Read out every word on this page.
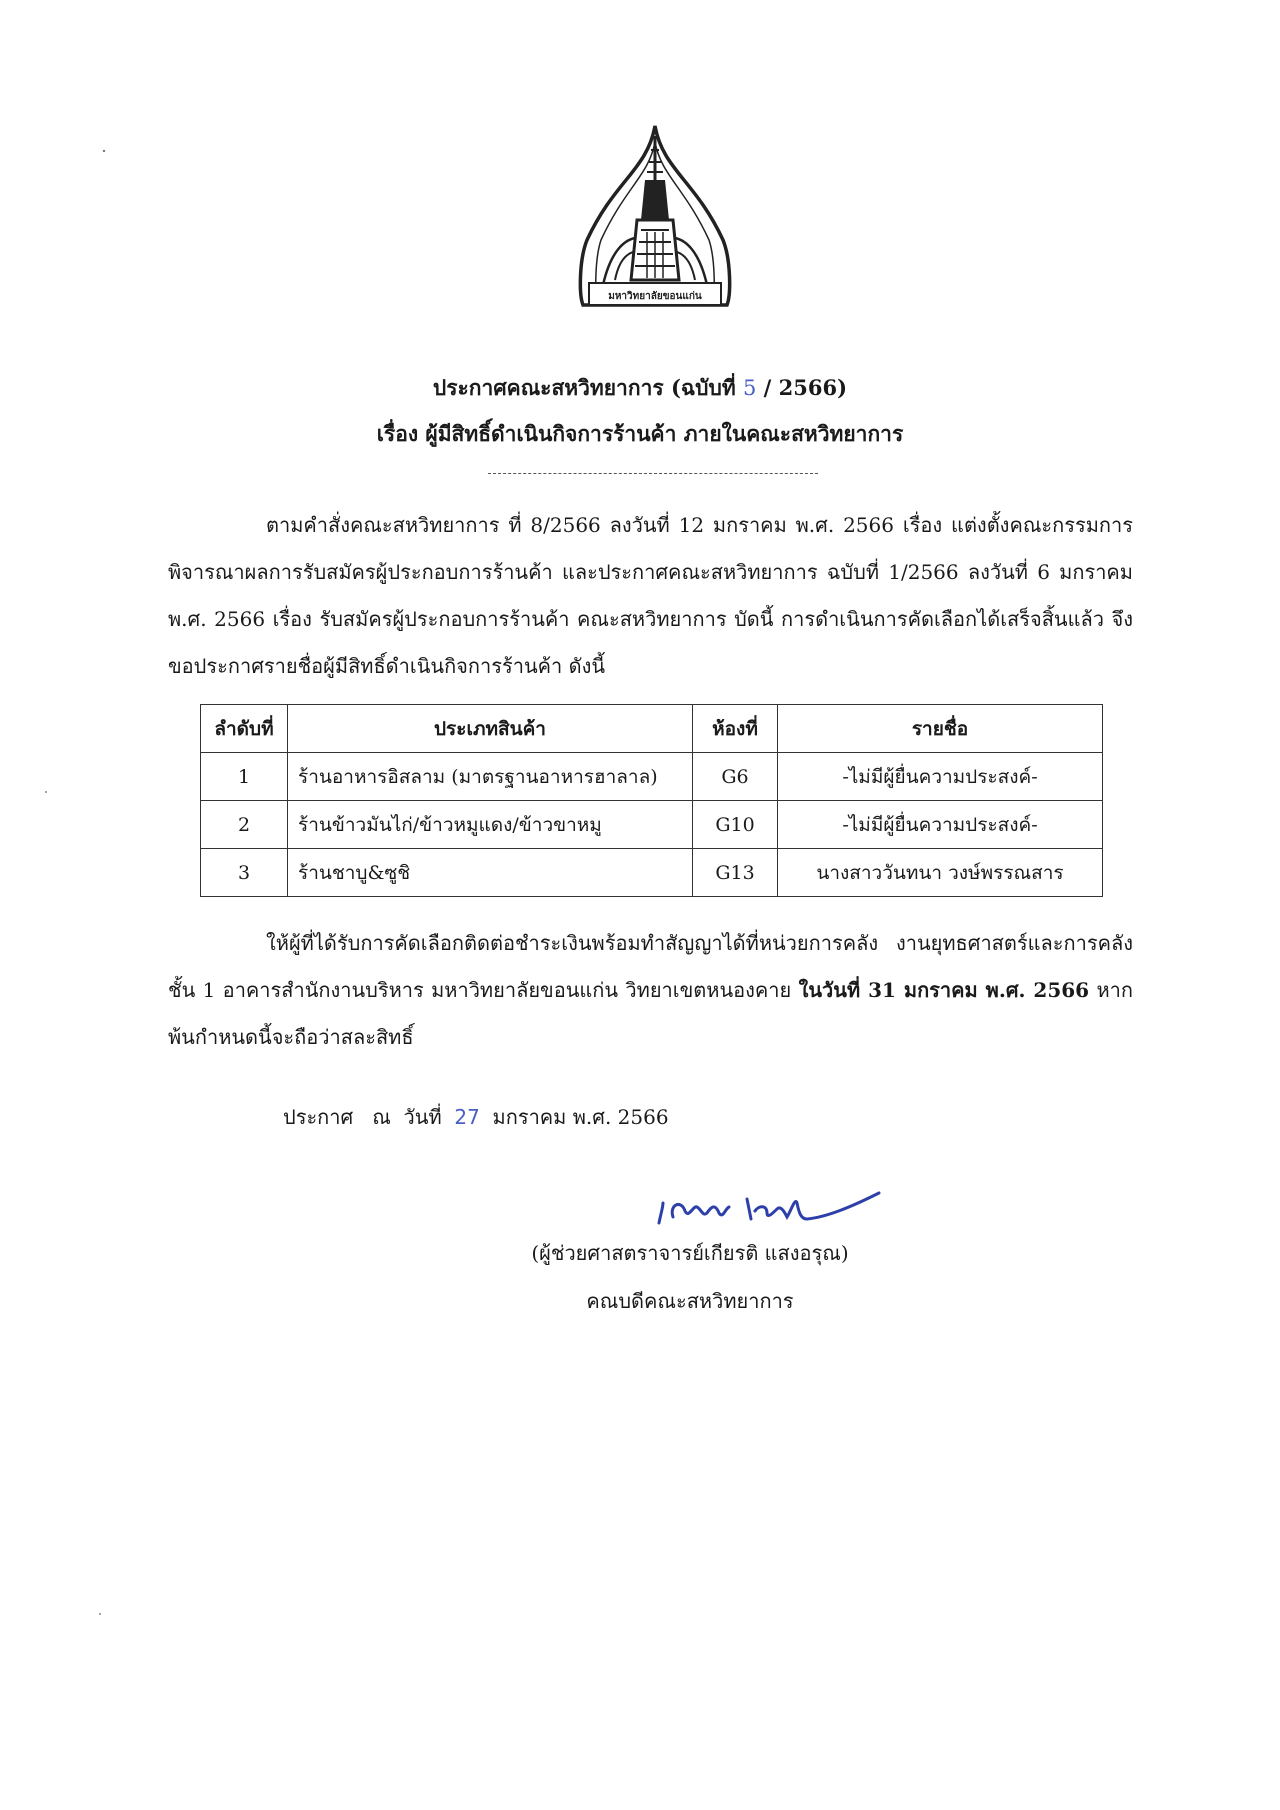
มหาวิทยาลัยขอนแก่น
ประกาศคณะสหวิทยาการ (ฉบับที่ 5 / 2566)
เรื่อง ผู้มีสิทธิ์ดำเนินกิจการร้านค้า ภายในคณะสหวิทยาการ
ตามคำสั่งคณะสหวิทยาการ ที่ 8/2566 ลงวันที่ 12 มกราคม พ.ศ. 2566 เรื่อง แต่งตั้งคณะกรรมการพิจารณาผลการรับสมัครผู้ประกอบการร้านค้า และประกาศคณะสหวิทยาการ ฉบับที่ 1/2566 ลงวันที่ 6 มกราคม พ.ศ. 2566 เรื่อง รับสมัครผู้ประกอบการร้านค้า คณะสหวิทยาการ บัดนี้ การดำเนินการคัดเลือกได้เสร็จสิ้นแล้ว จึงขอประกาศรายชื่อผู้มีสิทธิ์ดำเนินกิจการร้านค้า ดังนี้
ลำดับที่	ประเภทสินค้า	ห้องที่	รายชื่อ
1	ร้านอาหารอิสลาม (มาตรฐานอาหารฮาลาล)	G6	-ไม่มีผู้ยื่นความประสงค์-
2	ร้านข้าวมันไก่/ข้าวหมูแดง/ข้าวขาหมู	G10	-ไม่มีผู้ยื่นความประสงค์-
3	ร้านชาบู&ซูชิ	G13	นางสาววันทนา วงษ์พรรณสาร
ให้ผู้ที่ได้รับการคัดเลือกติดต่อชำระเงินพร้อมทำสัญญาได้ที่หน่วยการคลัง งานยุทธศาสตร์และการคลัง ชั้น 1 อาคารสำนักงานบริหาร มหาวิทยาลัยขอนแก่น วิทยาเขตหนองคาย ในวันที่ 31 มกราคม พ.ศ. 2566 หากพ้นกำหนดนี้จะถือว่าสละสิทธิ์
ประกาศ   ณ  วันที่  27  มกราคม พ.ศ. 2566
(ผู้ช่วยศาสตราจารย์เกียรติ แสงอรุณ)
คณบดีคณะสหวิทยาการ
